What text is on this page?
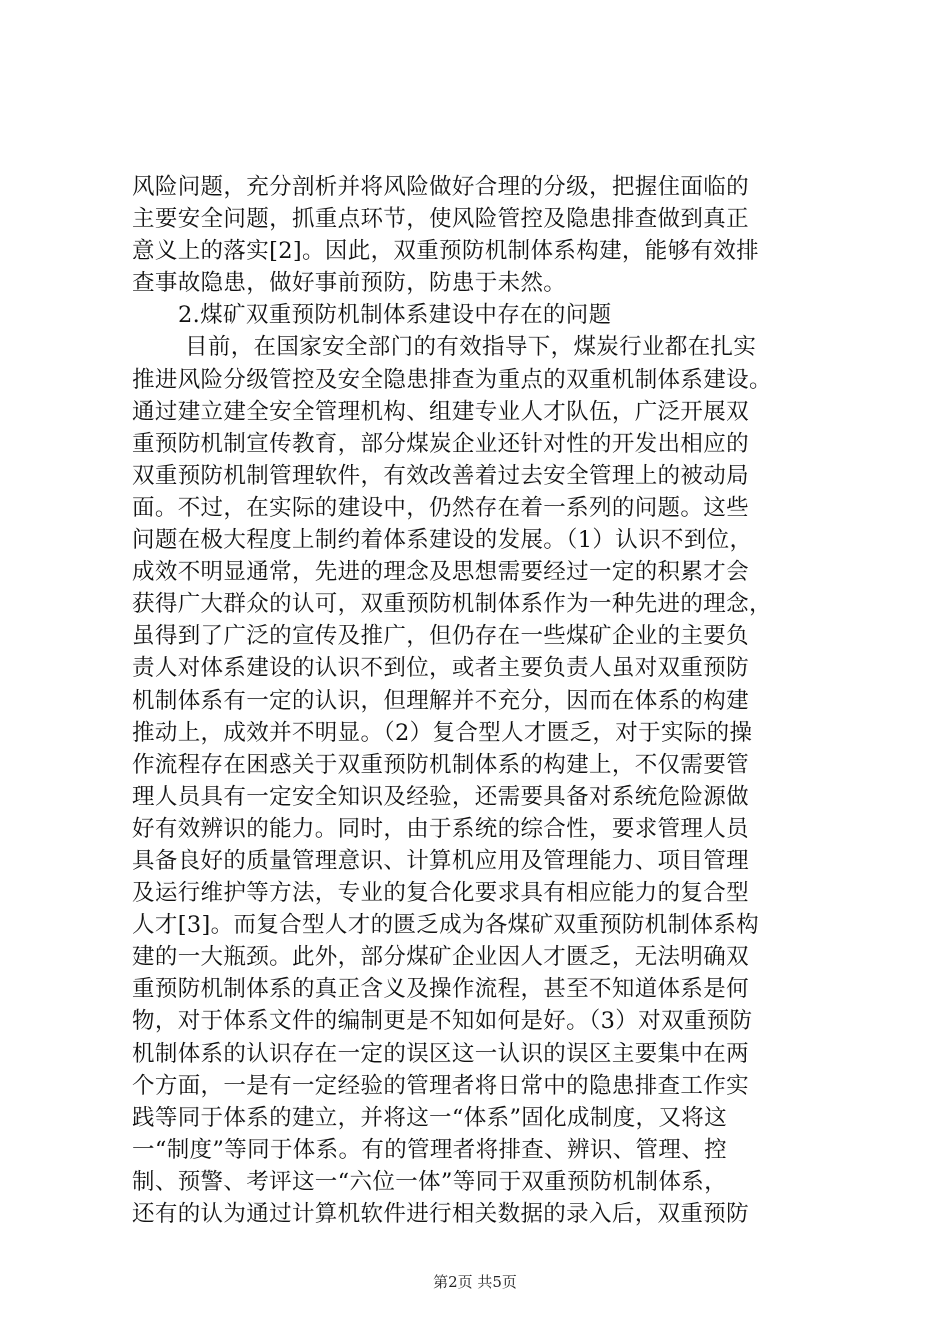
风险问题，充分剖析并将风险做好合理的分级，把握住面临的
主要安全问题，抓重点环节，使风险管控及隐患排查做到真正
意义上的落实[2]。因此，双重预防机制体系构建，能够有效排
查事故隐患，做好事前预防，防患于未然。
2.煤矿双重预防机制体系建设中存在的问题
目前，在国家安全部门的有效指导下，煤炭行业都在扎实
推进风险分级管控及安全隐患排查为重点的双重机制体系建设。
通过建立建全安全管理机构、组建专业人才队伍，广泛开展双
重预防机制宣传教育，部分煤炭企业还针对性的开发出相应的
双重预防机制管理软件，有效改善着过去安全管理上的被动局
面。不过，在实际的建设中，仍然存在着一系列的问题。这些
问题在极大程度上制约着体系建设的发展。（1）认识不到位，
成效不明显通常，先进的理念及思想需要经过一定的积累才会
获得广大群众的认可，双重预防机制体系作为一种先进的理念，
虽得到了广泛的宣传及推广，但仍存在一些煤矿企业的主要负
责人对体系建设的认识不到位，或者主要负责人虽对双重预防
机制体系有一定的认识，但理解并不充分，因而在体系的构建
推动上，成效并不明显。（2）复合型人才匮乏，对于实际的操
作流程存在困惑关于双重预防机制体系的构建上，不仅需要管
理人员具有一定安全知识及经验，还需要具备对系统危险源做
好有效辨识的能力。同时，由于系统的综合性，要求管理人员
具备良好的质量管理意识、计算机应用及管理能力、项目管理
及运行维护等方法，专业的复合化要求具有相应能力的复合型
人才[3]。而复合型人才的匮乏成为各煤矿双重预防机制体系构
建的一大瓶颈。此外，部分煤矿企业因人才匮乏，无法明确双
重预防机制体系的真正含义及操作流程，甚至不知道体系是何
物，对于体系文件的编制更是不知如何是好。（3）对双重预防
机制体系的认识存在一定的误区这一认识的误区主要集中在两
个方面，一是有一定经验的管理者将日常中的隐患排查工作实
践等同于体系的建立，并将这一“体系”固化成制度，又将这
一“制度”等同于体系。有的管理者将排查、辨识、管理、控
制、预警、考评这一“六位一体”等同于双重预防机制体系，
还有的认为通过计算机软件进行相关数据的录入后，双重预防
第2页 共5页
